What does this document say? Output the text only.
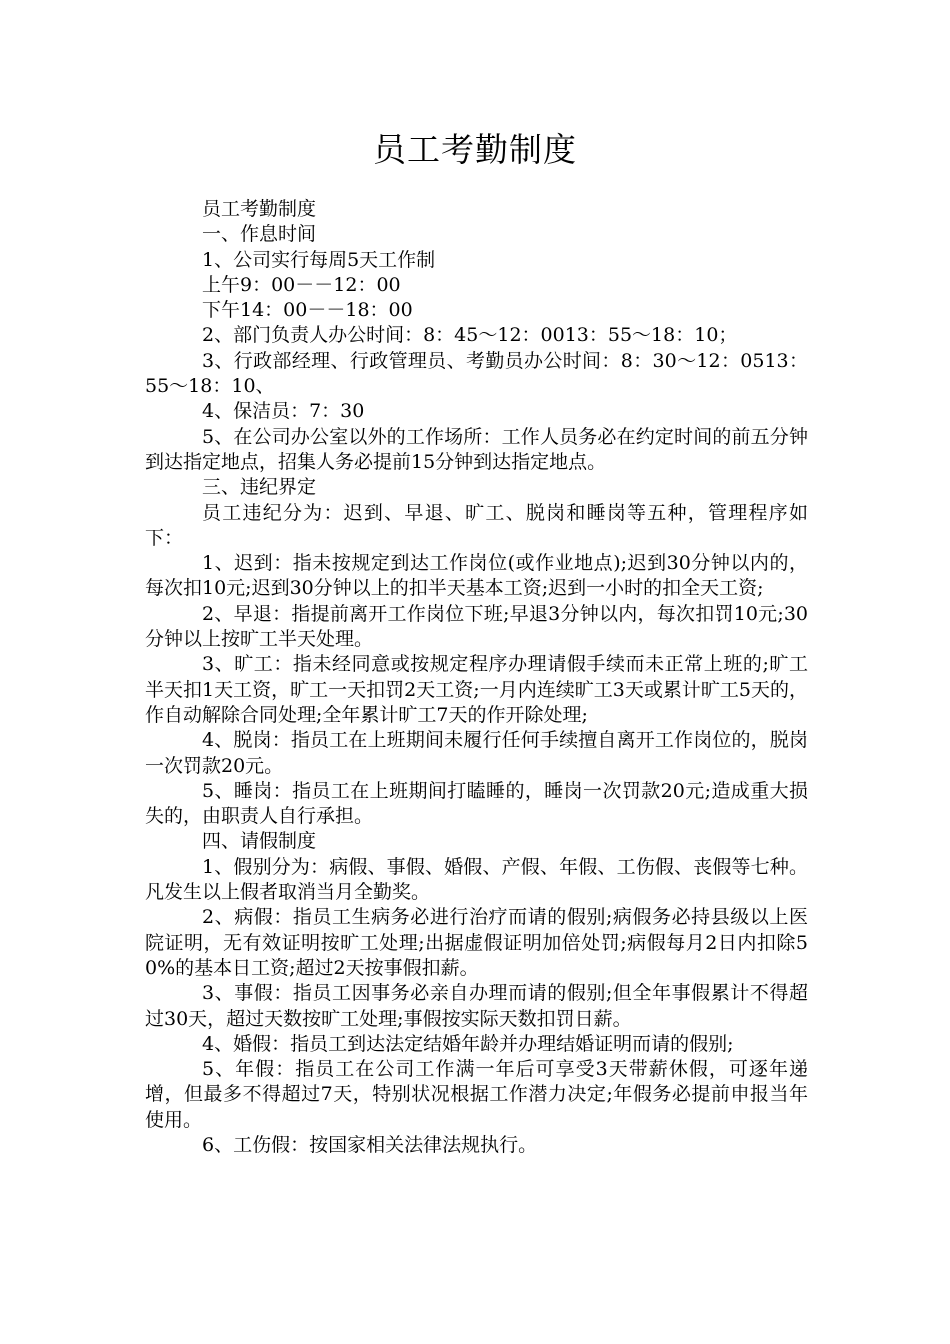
员工考勤制度

员工考勤制度

一、作息时间

1、公司实行每周5天工作制

上午9：00－－12：00

下午14：00－－18：00

2、部门负责人办公时间：8：45～12：0013：55～18：10；

3、行政部经理、行政管理员、考勤员办公时间：8：30～12：0513：55～18：10、

4、保洁员：7：30

5、在公司办公室以外的工作场所：工作人员务必在约定时间的前五分钟到达指定地点，招集人务必提前15分钟到达指定地点。

三、违纪界定

员工违纪分为：迟到、早退、旷工、脱岗和睡岗等五种，管理程序如下：

1、迟到：指未按规定到达工作岗位(或作业地点);迟到30分钟以内的，每次扣10元;迟到30分钟以上的扣半天基本工资;迟到一小时的扣全天工资;

2、早退：指提前离开工作岗位下班;早退3分钟以内，每次扣罚10元;30分钟以上按旷工半天处理。

3、旷工：指未经同意或按规定程序办理请假手续而未正常上班的;旷工半天扣1天工资，旷工一天扣罚2天工资;一月内连续旷工3天或累计旷工5天的，作自动解除合同处理;全年累计旷工7天的作开除处理;

4、脱岗：指员工在上班期间未履行任何手续擅自离开工作岗位的，脱岗一次罚款20元。

5、睡岗：指员工在上班期间打瞌睡的，睡岗一次罚款20元;造成重大损失的，由职责人自行承担。

四、请假制度

1、假别分为：病假、事假、婚假、产假、年假、工伤假、丧假等七种。凡发生以上假者取消当月全勤奖。

2、病假：指员工生病务必进行治疗而请的假别;病假务必持县级以上医院证明，无有效证明按旷工处理;出据虚假证明加倍处罚;病假每月2日内扣除50%的基本日工资;超过2天按事假扣薪。

3、事假：指员工因事务必亲自办理而请的假别;但全年事假累计不得超过30天，超过天数按旷工处理;事假按实际天数扣罚日薪。

4、婚假：指员工到达法定结婚年龄并办理结婚证明而请的假别;

5、年假：指员工在公司工作满一年后可享受3天带薪休假，可逐年递增，但最多不得超过7天，特别状况根据工作潜力决定;年假务必提前申报当年使用。

6、工伤假：按国家相关法律法规执行。
